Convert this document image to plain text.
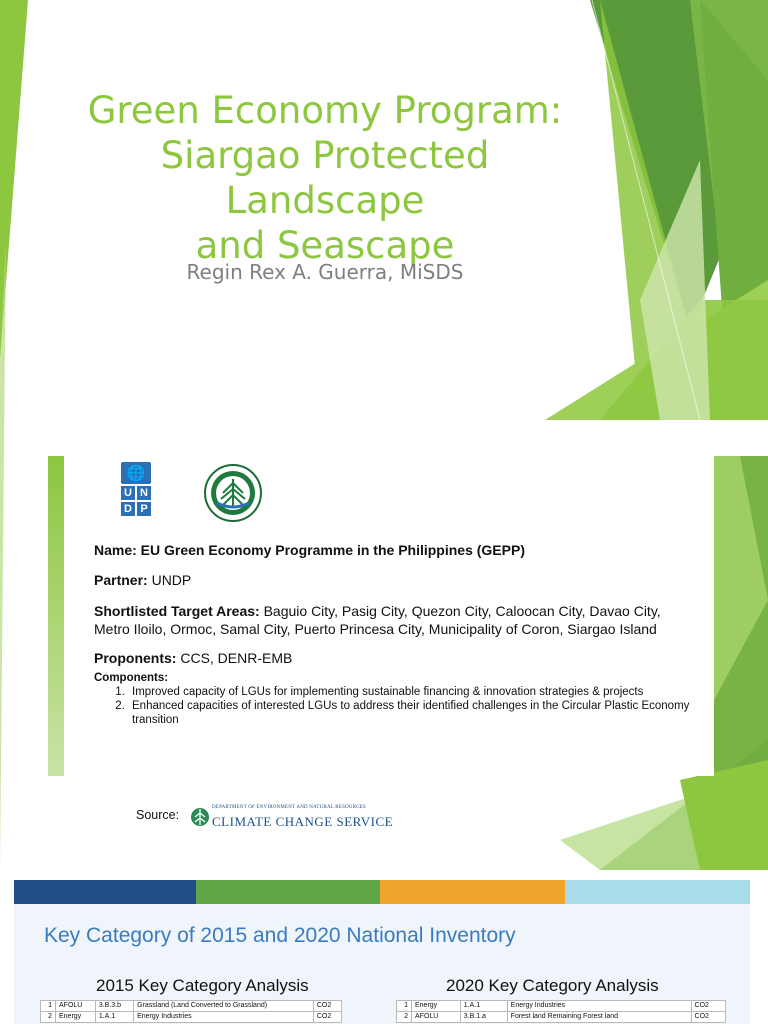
Green Economy Program:
Siargao Protected Landscape
and Seascape
Regin Rex A. Guerra, MiSDS
🌐
U N
D P
Name: EU Green Economy Programme in the Philippines (GEPP)
Partner: UNDP
Shortlisted Target Areas: Baguio City, Pasig City, Quezon City, Caloocan City, Davao City, Metro Iloilo, Ormoc, Samal City, Puerto Princesa City, Municipality of Coron, Siargao Island
Proponents: CCS, DENR-EMB
Components:
1. Improved capacity of LGUs for implementing sustainable financing & innovation strategies & projects
2. Enhanced capacities of interested LGUs to address their identified challenges in the Circular Plastic Economy transition
Source:
DEPARTMENT OF ENVIRONMENT AND NATURAL RESOURCES
CLIMATE CHANGE SERVICE
Key Category of 2015 and 2020 National Inventory
2015 Key Category Analysis	2020 Key Category Analysis
1	AFOLU	3.B.3.b	Grassland (Land Converted to Grassland)	CO2
2	Energy	1.A.1	Energy Industries	CO2
1	Energy	1.A.1	Energy Industries	CO2
2	AFOLU	3.B.1.a	Forest land Remaining Forest land	CO2
